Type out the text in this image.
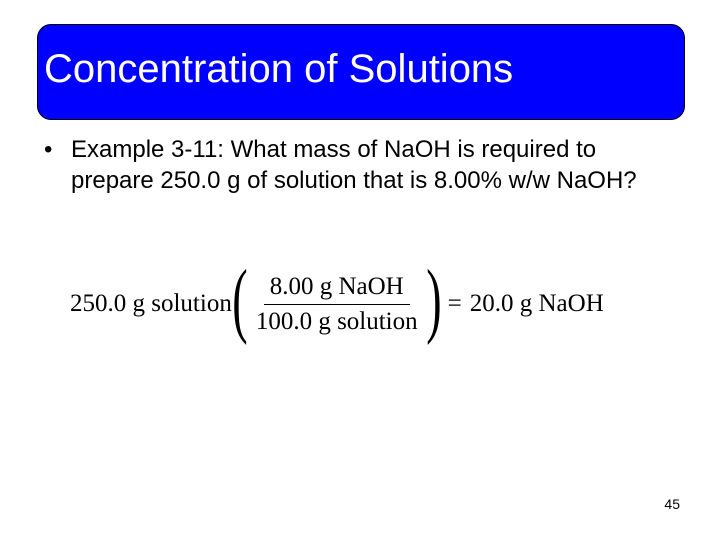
Concentration of Solutions
• Example 3-11: What mass of NaOH is required to prepare 250.0 g of solution that is 8.00% w/w NaOH?
250.0 g solution ( $\frac{\text{8.00 g NaOH}}{\text{100.0 g solution}}$ ) = 20.0 g NaOH
45
